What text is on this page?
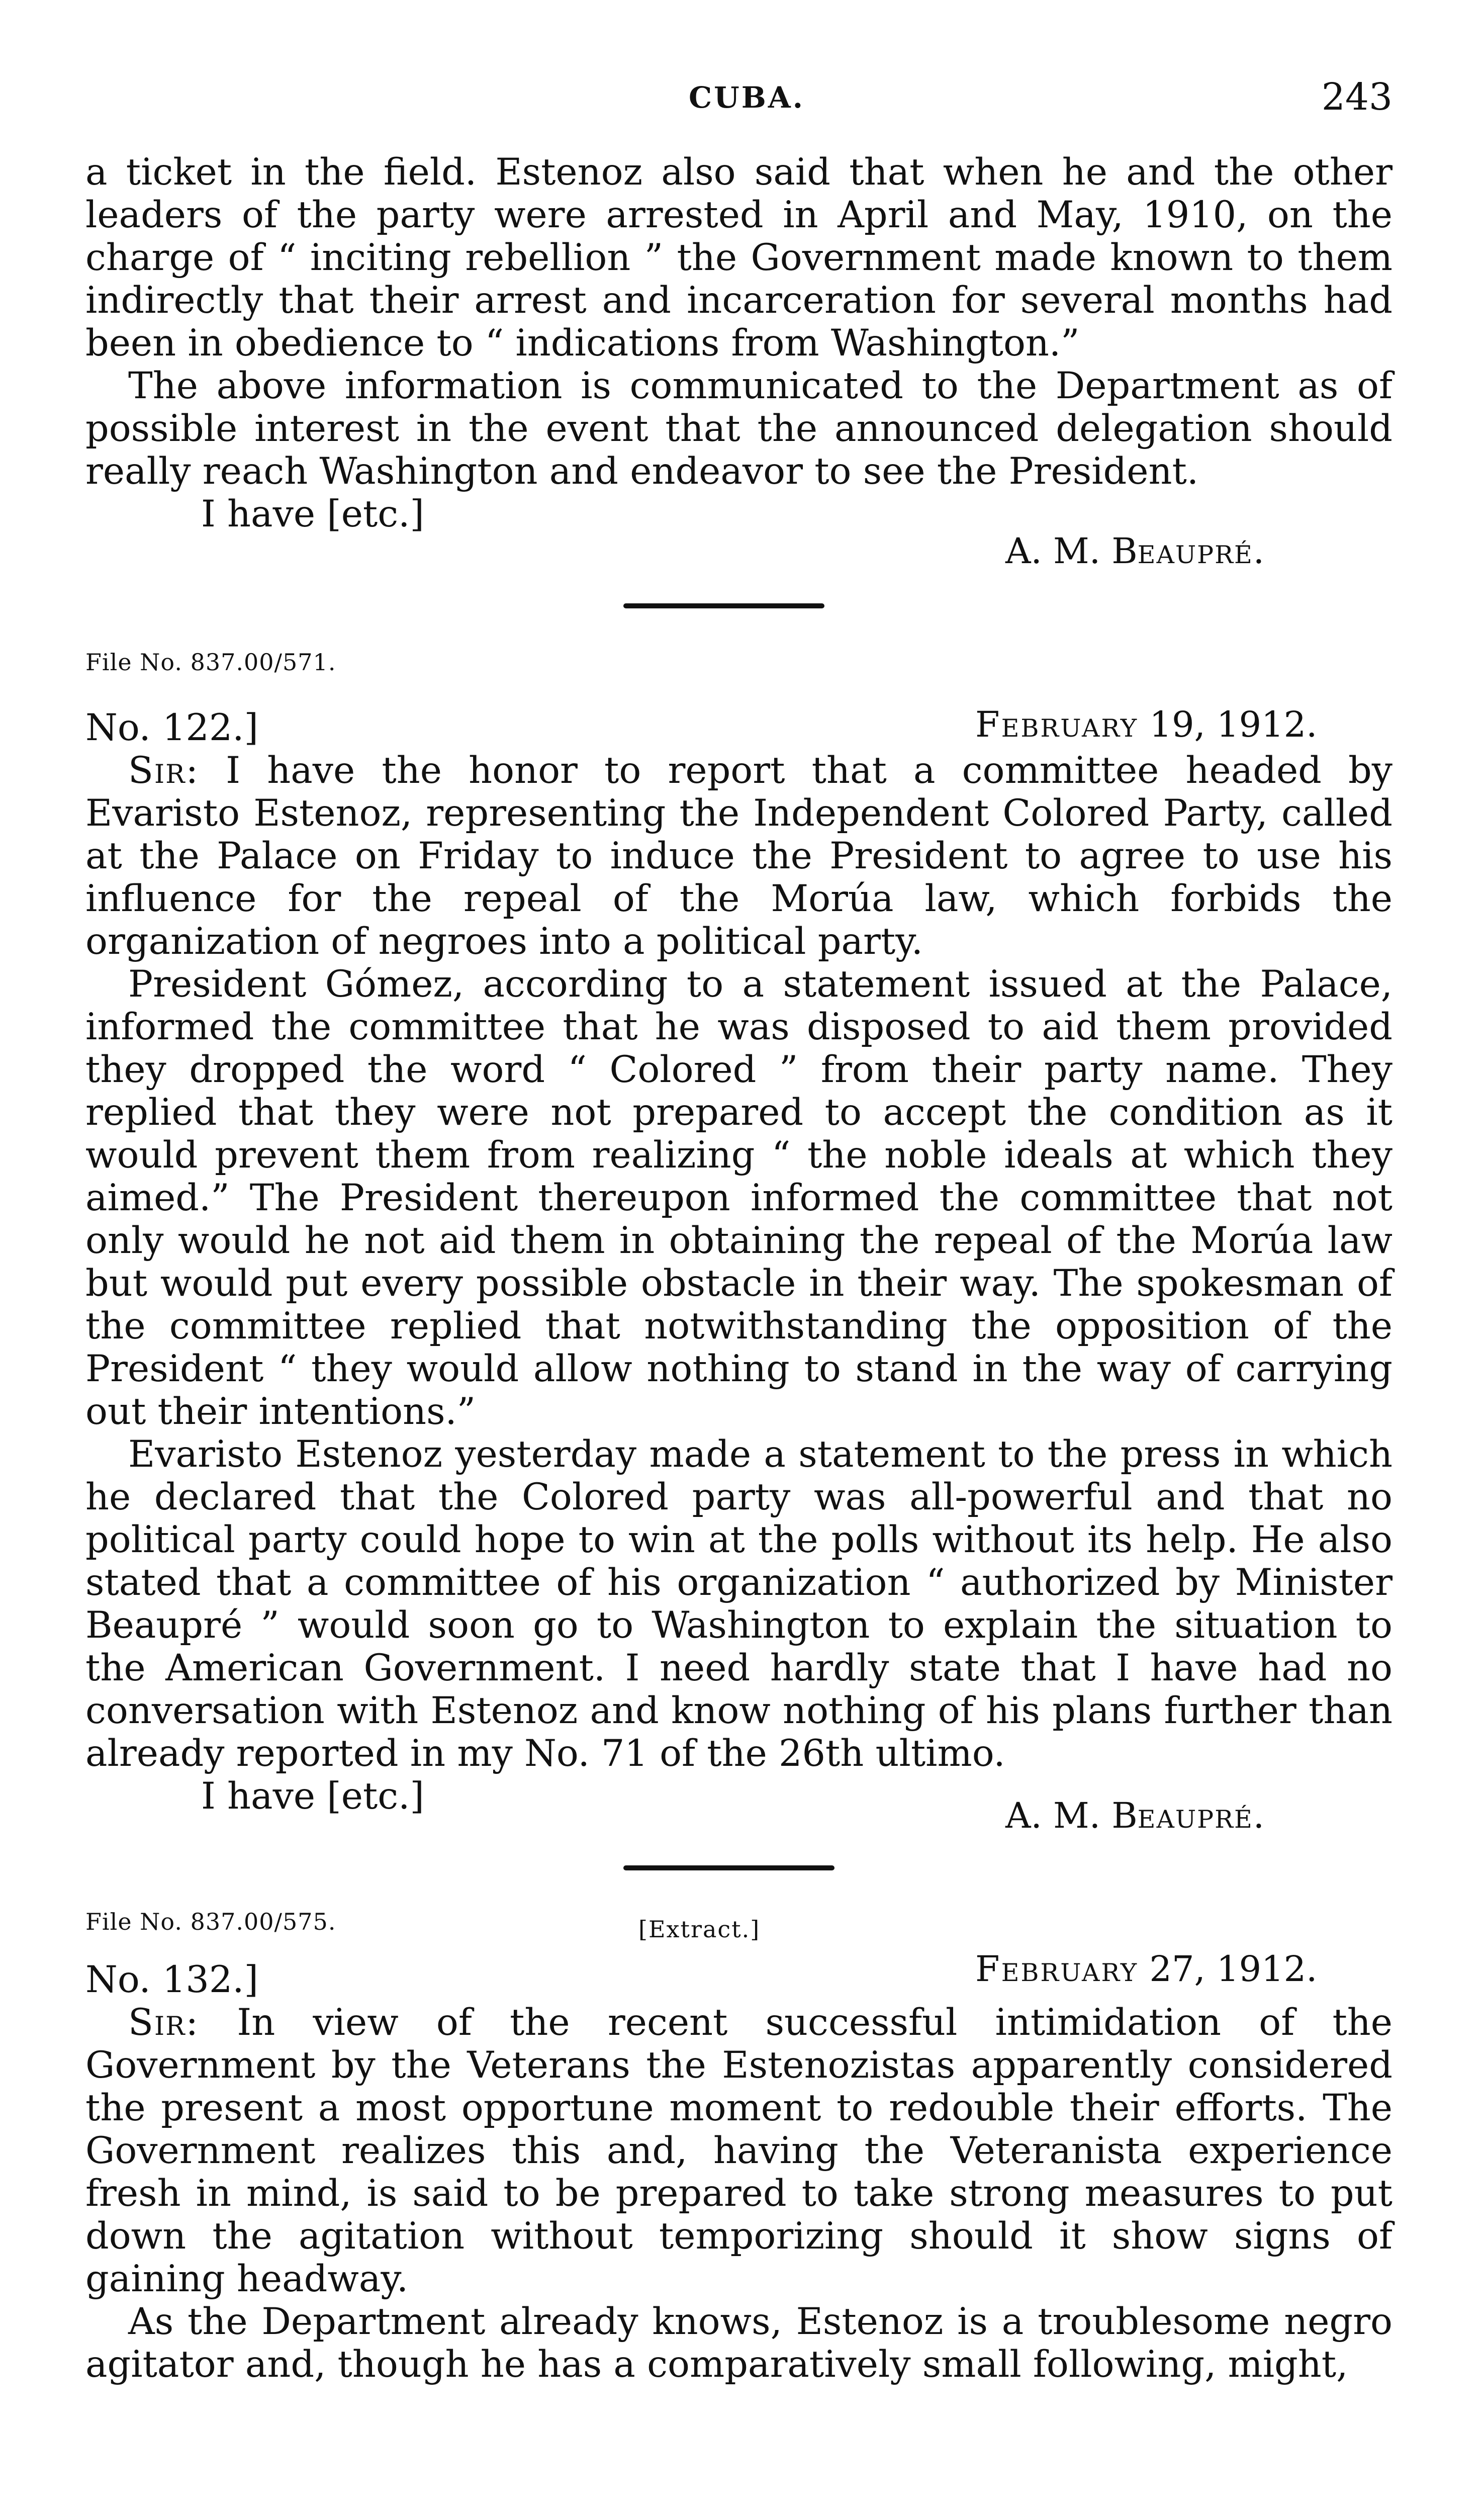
CUBA.	243

a ticket in the field. Estenoz also said that when he and the other leaders of the party were arrested in April and May, 1910, on the charge of “ inciting rebellion ” the Government made known to them indirectly that their arrest and incarceration for several months had been in obedience to “ indications from Washington.”

The above information is communicated to the Department as of possible interest in the event that the announced delegation should really reach Washington and endeavor to see the President.

I have [etc.]

A. M. Beaupré.
File No. 837.00/571.
No. 122.]	February 19, 1912.

Sir: I have the honor to report that a committee headed by Evaristo Estenoz, representing the Independent Colored Party, called at the Palace on Friday to induce the President to agree to use his influence for the repeal of the Morúa law, which forbids the organization of negroes into a political party.

President Gómez, according to a statement issued at the Palace, informed the committee that he was disposed to aid them provided they dropped the word “ Colored ” from their party name. They replied that they were not prepared to accept the condition as it would prevent them from realizing “ the noble ideals at which they aimed.” The President thereupon informed the committee that not only would he not aid them in obtaining the repeal of the Morúa law but would put every possible obstacle in their way. The spokesman of the committee replied that notwithstanding the opposition of the President “ they would allow nothing to stand in the way of carrying out their intentions.”

Evaristo Estenoz yesterday made a statement to the press in which he declared that the Colored party was all-powerful and that no political party could hope to win at the polls without its help. He also stated that a committee of his organization “ authorized by Minister Beaupré ” would soon go to Washington to explain the situation to the American Government. I need hardly state that I have had no conversation with Estenoz and know nothing of his plans further than already reported in my No. 71 of the 26th ultimo.

I have [etc.]	A. M. Beaupré.
File No. 837.00/575.	[Extract.]
No. 132.]	February 27, 1912.

Sir: In view of the recent successful intimidation of the Government by the Veterans the Estenozistas apparently considered the present a most opportune moment to redouble their efforts. The Government realizes this and, having the Veteranista experience fresh in mind, is said to be prepared to take strong measures to put down the agitation without temporizing should it show signs of gaining headway.

As the Department already knows, Estenoz is a troublesome negro agitator and, though he has a comparatively small following, might,
